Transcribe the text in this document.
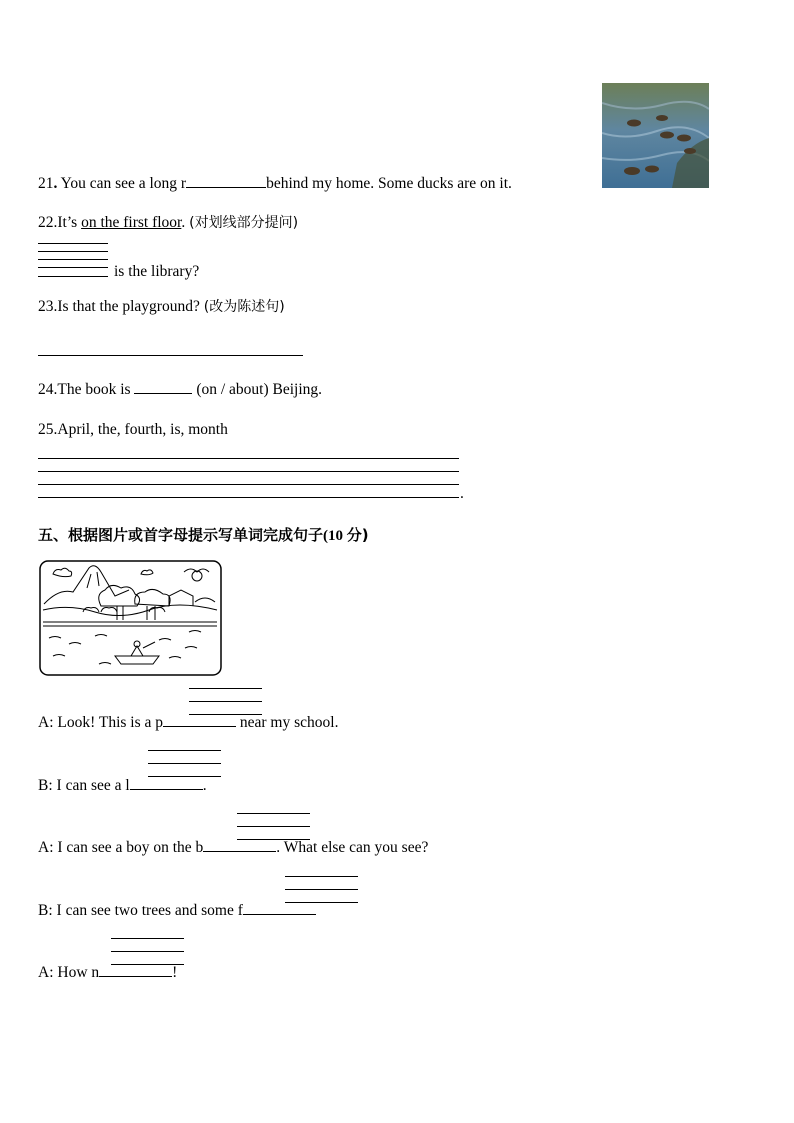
21. You can see a long r	behind my home. Some ducks are on it.
22.It’s on the first floor. (对划线部分提问)
is the library?
23.Is that the playground? (改为陈述句)
24.The book is	(on / about) Beijing.
25.April, the, fourth, is, month
.
五、根据图片或首字母提示写单词完成句子(10 分)
A: Look! This is a p	near my school.
B: I can see a l	.
A: I can see a boy on the b	. What else can you see?
B: I can see two trees and some f
A: How n	!
